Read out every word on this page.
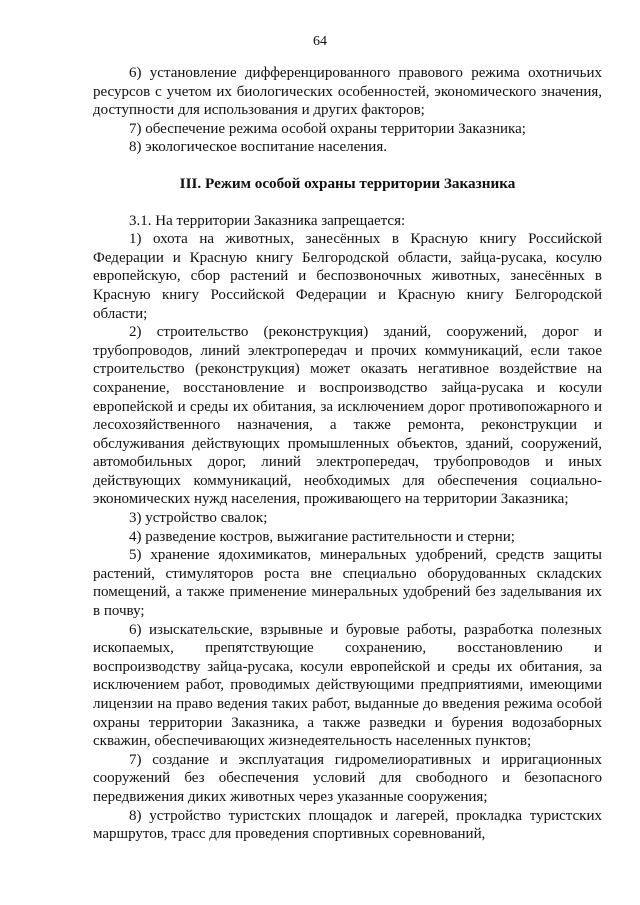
64

6) установление дифференцированного правового режима охотничьих ресурсов с учетом их биологических особенностей, экономического значения, доступности для использования и других факторов;

7) обеспечение режима особой охраны территории Заказника;

8) экологическое воспитание населения.

III. Режим особой охраны территории Заказника

3.1. На территории Заказника запрещается:

1) охота на животных, занесённых в Красную книгу Российской Федерации и Красную книгу Белгородской области, зайца-русака, косулю европейскую, сбор растений и беспозвоночных животных, занесённых в Красную книгу Российской Федерации и Красную книгу Белгородской области;

2) строительство (реконструкция) зданий, сооружений, дорог и трубопроводов, линий электропередач и прочих коммуникаций, если такое строительство (реконструкция) может оказать негативное воздействие на сохранение, восстановление и воспроизводство зайца-русака и косули европейской и среды их обитания, за исключением дорог противопожарного и лесохозяйственного назначения, а также ремонта, реконструкции и обслуживания действующих промышленных объектов, зданий, сооружений, автомобильных дорог, линий электропередач, трубопроводов и иных действующих коммуникаций, необходимых для обеспечения социально-экономических нужд населения, проживающего на территории Заказника;

3) устройство свалок;

4) разведение костров, выжигание растительности и стерни;

5) хранение ядохимикатов, минеральных удобрений, средств защиты растений, стимуляторов роста вне специально оборудованных складских помещений, а также применение минеральных удобрений без заделывания их в почву;

6) изыскательские, взрывные и буровые работы, разработка полезных ископаемых, препятствующие сохранению, восстановлению и воспроизводству зайца-русака, косули европейской и среды их обитания, за исключением работ, проводимых действующими предприятиями, имеющими лицензии на право ведения таких работ, выданные до введения режима особой охраны территории Заказника, а также разведки и бурения водозаборных скважин, обеспечивающих жизнедеятельность населенных пунктов;

7) создание и эксплуатация гидромелиоративных и ирригационных сооружений без обеспечения условий для свободного и безопасного передвижения диких животных через указанные сооружения;

8) устройство туристских площадок и лагерей, прокладка туристских маршрутов, трасс для проведения спортивных соревнований,
